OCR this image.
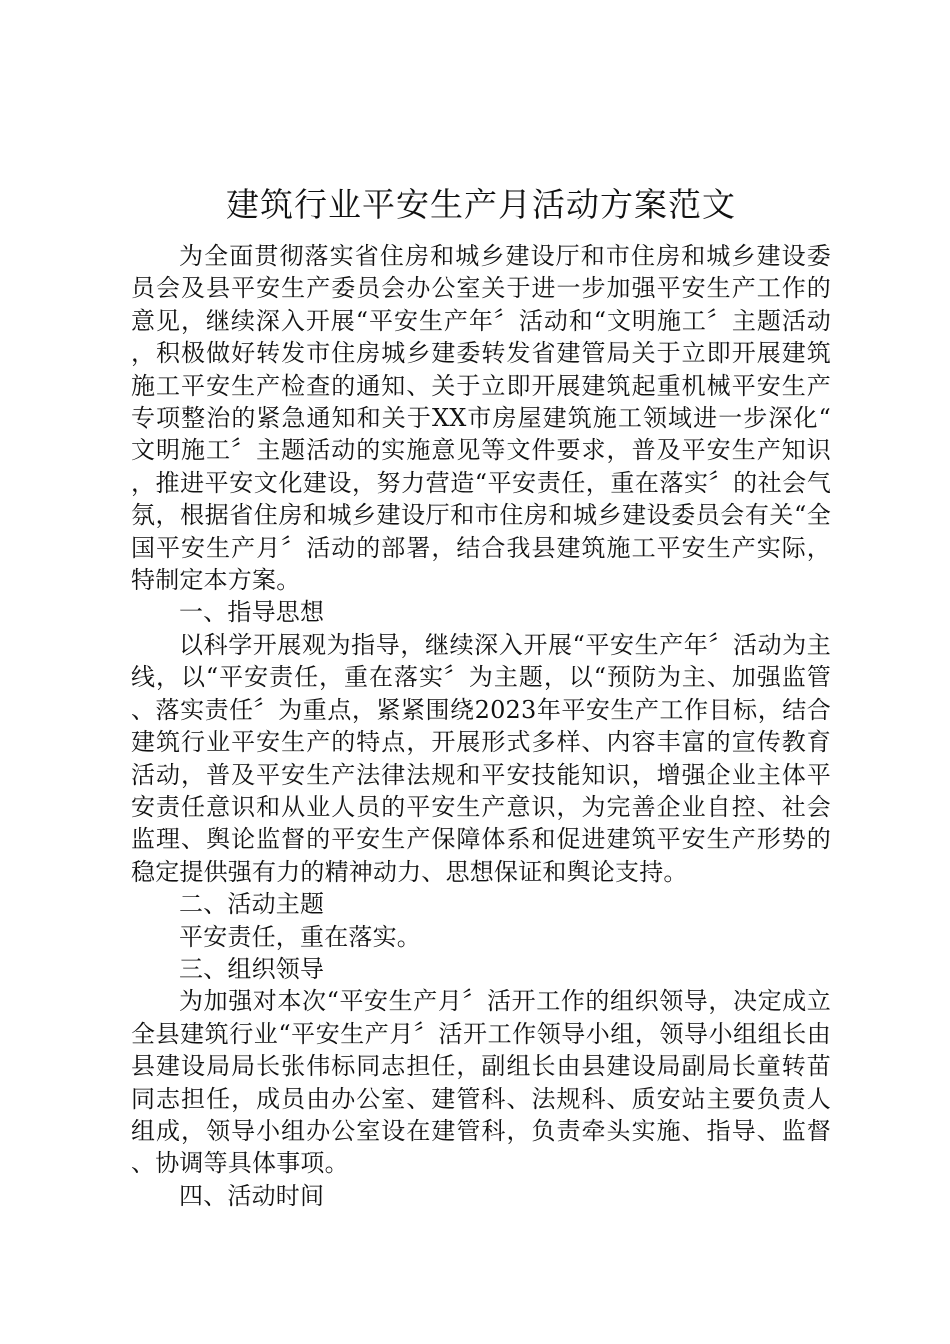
建筑行业平安生产月活动方案范文

为全面贯彻落实省住房和城乡建设厅和市住房和城乡建设委员会及县平安生产委员会办公室关于进一步加强平安生产工作的意见，继续深入开展“平安生产年〞活动和“文明施工〞主题活动，积极做好转发市住房城乡建委转发省建管局关于立即开展建筑施工平安生产检查的通知、关于立即开展建筑起重机械平安生产专项整治的紧急通知和关于XX市房屋建筑施工领域进一步深化“文明施工〞主题活动的实施意见等文件要求，普及平安生产知识，推进平安文化建设，努力营造“平安责任，重在落实〞的社会气氛，根据省住房和城乡建设厅和市住房和城乡建设委员会有关“全国平安生产月〞活动的部署，结合我县建筑施工平安生产实际，特制定本方案。

一、指导思想

以科学开展观为指导，继续深入开展“平安生产年〞活动为主线，以“平安责任，重在落实〞为主题，以“预防为主、加强监管、落实责任〞为重点，紧紧围绕2023年平安生产工作目标，结合建筑行业平安生产的特点，开展形式多样、内容丰富的宣传教育活动，普及平安生产法律法规和平安技能知识，增强企业主体平安责任意识和从业人员的平安生产意识，为完善企业自控、社会监理、舆论监督的平安生产保障体系和促进建筑平安生产形势的稳定提供强有力的精神动力、思想保证和舆论支持。

二、活动主题

平安责任，重在落实。

三、组织领导

为加强对本次“平安生产月〞活开工作的组织领导，决定成立全县建筑行业“平安生产月〞活开工作领导小组，领导小组组长由县建设局局长张伟标同志担任，副组长由县建设局副局长童转苗同志担任，成员由办公室、建管科、法规科、质安站主要负责人组成，领导小组办公室设在建管科，负责牵头实施、指导、监督、协调等具体事项。

四、活动时间
